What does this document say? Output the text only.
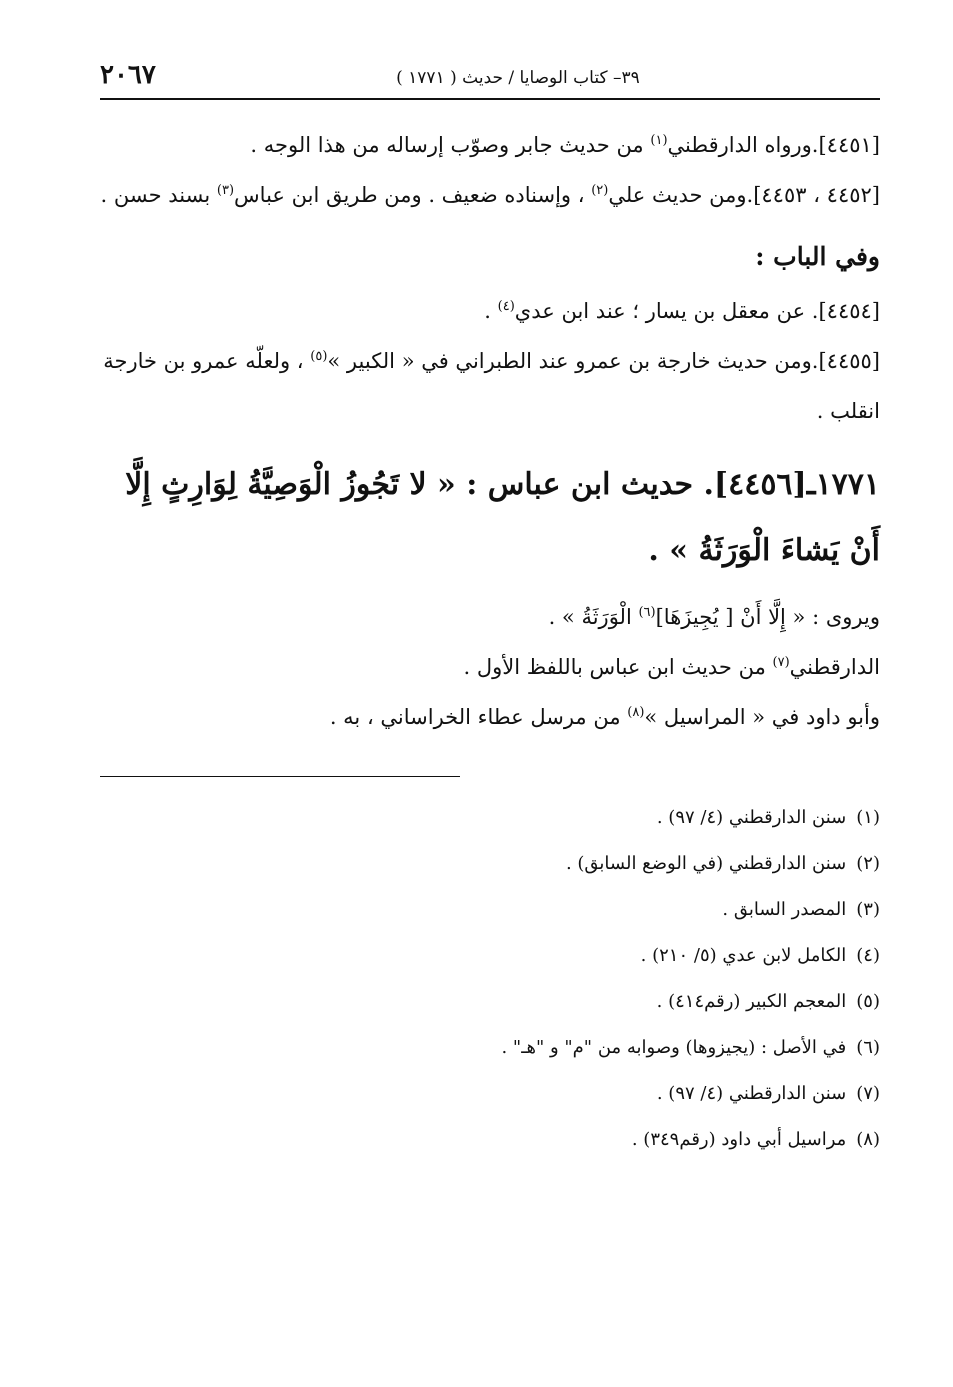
٣٩– كتاب الوصايا / حديث ( ١٧٧١ )
٢٠٦٧

[٤٤٥١].ورواه الدارقطني$^{(١)}$ من حديث جابر وصوّب إرساله من هذا الوجه .

[٤٤٥٢ ، ٤٤٥٣].ومن حديث علي$^{(٢)}$ ، وإسناده ضعيف . ومن طريق ابن عباس$^{(٣)}$ بسند حسن .

وفي الباب :

[٤٤٥٤]. عن معقل بن يسار ؛ عند ابن عدي$^{(٤)}$ .

[٤٤٥٥].ومن حديث خارجة بن عمرو عند الطبراني في « الكبير »$^{(٥)}$ ، ولعلّه عمرو بن خارجة انقلب .

١٧٧١ـ[٤٤٥٦]. حديث ابن عباس : « لا تَجُوزُ الْوَصِيَّةُ لِوَارِثٍ إِلَّا أَنْ يَشاءَ الْوَرَثَةُ » .

ويروى : « إِلَّا أَنْ [ يُجِيزَهَا]$^{(٦)}$ الْوَرَثَةُ » .

الدارقطني$^{(٧)}$ من حديث ابن عباس باللفظ الأول .

وأبو داود في « المراسيل »$^{(٨)}$ من مرسل عطاء الخراساني ، به .

(١)سنن الدارقطني (٤/ ٩٧) .
(٢)سنن الدارقطني (في الوضع السابق) .
(٣)المصدر السابق .
(٤)الكامل لابن عدي (٥/ ٢١٠) .
(٥)المعجم الكبير (رقم٤١٤) .
(٦)في الأصل : (يجيزوها) وصوابه من "م" و "هـ" .
(٧)سنن الدارقطني (٤/ ٩٧) .
(٨)مراسيل أبي داود (رقم٣٤٩) .
